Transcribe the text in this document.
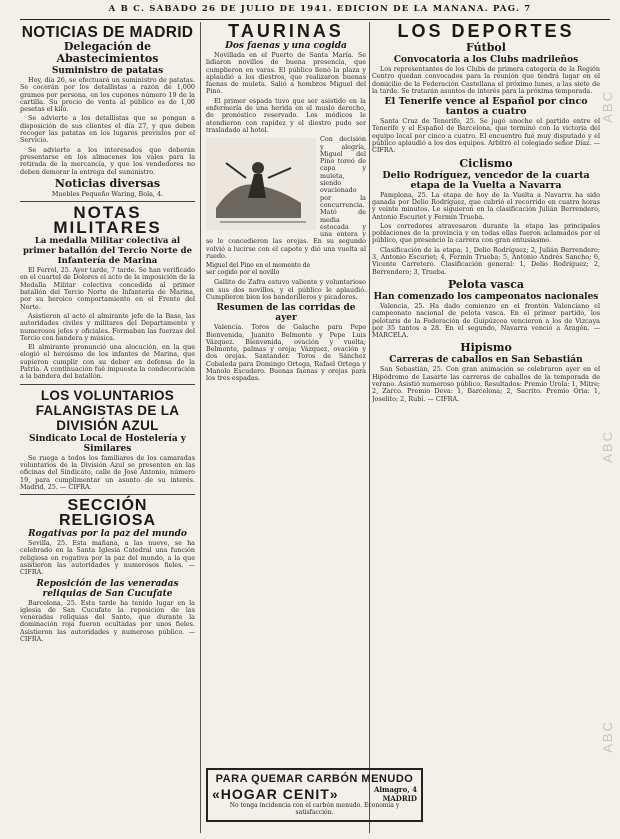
A B C. SÁBADO 26 DE JULIO DE 1941. EDICIÓN DE LA MAÑANA. PÁG. 7
NOTICIAS DE MADRID
Delegación de Abastecimientos
Suministro de patatas

Hoy, día 26, se efectuará un suministro de patatas. Se cocerán por los detallistas a razón de 1,000 gramos por persona, en los cupones número 19 de la cartilla. Su precio de venta al público es de 1,00 pesetas el kilo.

Se advierte a los detallistas que se pongan a disposición de sus clientes el día 27, y que deben recoger las patatas en los lugares previstos por el Servicio.

Se advierte a los interesados que deberán presentarse en los almacenes los vales para la retirada de la mercancía, y que los vendedores no deben demorar la entrega del suministro.

Noticias diversas

Muebles Pequeño Waring, Bola, 4.

NOTAS MILITARES
La medalla Militar colectiva al primer batallón del Tercio Norte de Infantería de Marina

El Ferrol, 25. Ayer tarde, 7 tarde. Se han verificado en el cuartel de Dolores el acto de la imposición de la Medalla Militar colectiva concedida al primer batallón del Tercio Norte de Infantería de Marina, por su heroico comportamiento en el Frente del Norte.

Asistieron al acto el almirante jefe de la Base, las autoridades civiles y militares del Departamento y numerosos jefes y oficiales. Formaban las fuerzas del Tercio con bandera y música.

El almirante pronunció una alocución, en la que elogió el heroísmo de los infantes de Marina, que supieron cumplir con su deber en defensa de la Patria. A continuación fué impuesta la condecoración a la bandera del batallón.

LOS VOLUNTARIOS FALANGISTAS DE LA DIVISIÓN AZUL
Sindicato Local de Hostelería y Similares

Se ruega a todos los familiares de los camaradas voluntarios de la División Azul se presenten en las oficinas del Sindicato, calle de José Antonio, número 19, para cumplimentar un asunto de su interés. Madrid, 25. — CIFRA.

SECCIÓN RELIGIOSA
Rogativas por la paz del mundo

Sevilla, 25. Esta mañana, a las nueve, se ha celebrado en la Santa Iglesia Catedral una función religiosa en rogativa por la paz del mundo, a la que asistieron las autoridades y numerosos fieles. — CIFRA.

Reposición de las veneradas reliquias de San Cucufate

Barcelona, 25. Esta tarde ha tenido lugar en la iglesia de San Cucufate la reposición de las veneradas reliquias del Santo, que durante la dominación roja fueron ocultadas por unos fieles. Asistieron las autoridades y numeroso público. — CIFRA.

TAURINAS
Dos faenas y una cogida

Novillada en el Puerto de Santa María. Se lidiaron novillos de buena presencia, que cumplieron en varas. El público llenó la plaza y aplaudió a los diestros, que realizaron buenas faenas de muleta. Salió a hombros Miguel del Pino.

El primer espada tuvo que ser asistido en la enfermería de una herida en el muslo derecho, de pronóstico reservado. Los médicos le atendieron con rapidez y el diestro pudo ser trasladado al hotel.

Con decisión y alegría, Miguel del Pino toreó de capa y muleta, siendo ovacionado por la concurrencia. Mató de media estocada y una entera y se le concedieron las orejas. En su segundo volvió a lucirse con el capote y dió una vuelta al ruedo.

Miguel del Pino en el momento de ser cogido por el novillo

Gallito de Zafra estuvo valiente y voluntarioso en sus dos novillos, y el público le aplaudió. Cumplieron bien los banderilleros y picadores.

Resumen de las corridas de ayer

Valencia. Toros de Galache para Pepe Bienvenida, Juanito Belmonte y Pepe Luis Vázquez. Bienvenida, ovación y vuelta; Belmonte, palmas y oreja; Vázquez, ovación y dos orejas. Santander. Toros de Sánchez Cobaleda para Domingo Ortega, Rafael Ortega y Manolo Escudero. Buenas faenas y orejas para los tres espadas.

LOS DEPORTES
Fútbol
Convocatoria a los Clubs madrileños

Los representantes de los Clubs de primera categoría de la Región Centro quedan convocados para la reunión que tendrá lugar en el domicilio de la Federación Castellana el próximo lunes, a las siete de la tarde. Se tratarán asuntos de interés para la próxima temporada.

El Tenerife vence al Español por cinco tantos a cuatro

Santa Cruz de Tenerife, 25. Se jugó anoche el partido entre el Tenerife y el Español de Barcelona, que terminó con la victoria del equipo local por cinco a cuatro. El encuentro fué muy disputado y el público aplaudió a los dos equipos. Arbitró el colegiado señor Díaz. — CIFRA.

Ciclismo
Delio Rodríguez, vencedor de la cuarta etapa de la Vuelta a Navarra

Pamplona, 25. La etapa de hoy de la Vuelta a Navarra ha sido ganada por Delio Rodríguez, que cubrió el recorrido en cuatro horas y veinte minutos. Le siguieron en la clasificación Julián Berrendero, Antonio Escuriet y Fermín Trueba.

Los corredores atravesaron durante la etapa las principales poblaciones de la provincia y en todas ellas fueron aclamados por el público, que presenció la carrera con gran entusiasmo.

Clasificación de la etapa: 1, Delio Rodríguez; 2, Julián Berrendero; 3, Antonio Escuriet; 4, Fermín Trueba; 5, Antonio Andrés Sancho; 6, Vicente Carretero. Clasificación general: 1, Delio Rodríguez; 2, Berrendero; 3, Trueba.

Pelota vasca
Han comenzado los campeonatos nacionales

Valencia, 25. Ha dado comienzo en el frontón Valenciano el campeonato nacional de pelota vasca. En el primer partido, los pelotaris de la Federación de Guipúzcoa vencieron a los de Vizcaya por 35 tantos a 28. En el segundo, Navarra venció a Aragón. — MARCELA.

Hipismo
Carreras de caballos en San Sebastián

San Sebastián, 25. Con gran animación se celebraron ayer en el Hipódromo de Lasarte las carreras de caballos de la temporada de verano. Asistió numeroso público. Resultados: Premio Urola: 1, Mitre; 2, Zarco. Premio Deva: 1, Barcelona; 2, Sacrito. Premio Oria: 1, Joselito; 2, Rubí. — CIFRA.

PARA QUEMAR CARBÓN MENUDO
«HOGAR CENIT»	Almagro, 4
MADRID
No tenga incidencia con el carbón menudo. Economía y satisfacción.
ABC
ABC
ABC
